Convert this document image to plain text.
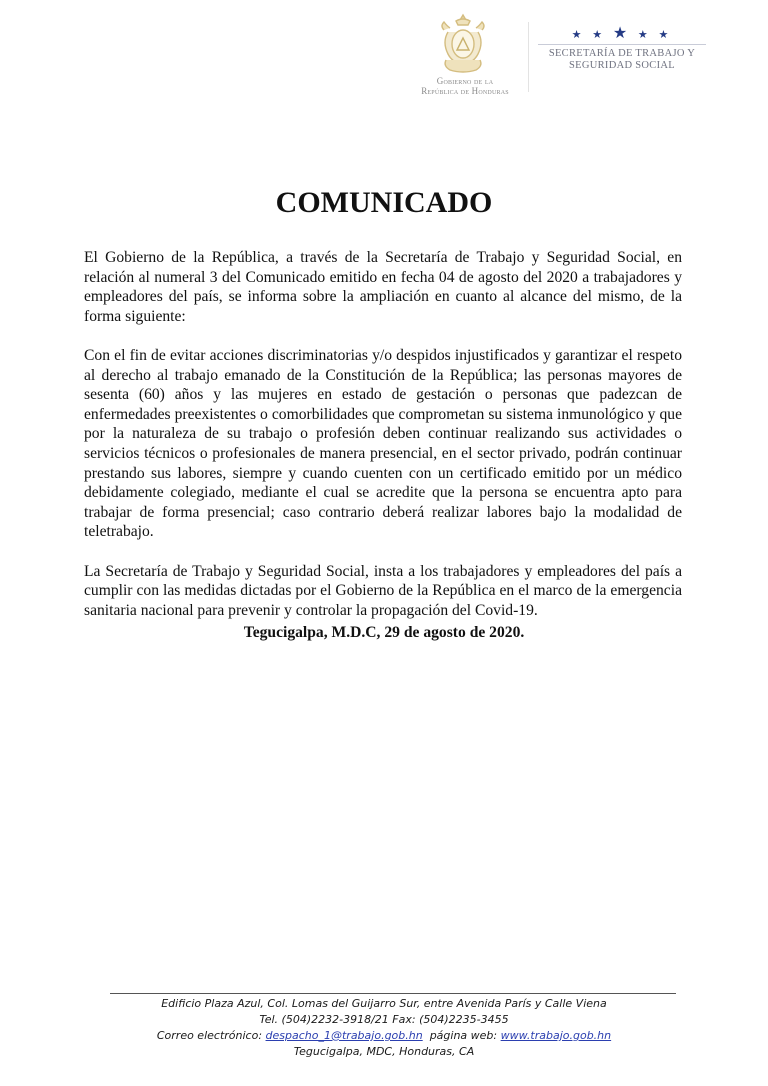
Gobierno de la
República de Honduras
★ ★ ★ ★ ★
SECRETARÍA DE TRABAJO Y
SEGURIDAD SOCIAL
COMUNICADO

El Gobierno de la República, a través de la Secretaría de Trabajo y Seguridad Social, en relación al numeral 3 del Comunicado emitido en fecha 04 de agosto del 2020 a trabajadores y empleadores del país, se informa sobre la ampliación en cuanto al alcance del mismo, de la forma siguiente:

Con el fin de evitar acciones discriminatorias y/o despidos injustificados y garantizar el respeto al derecho al trabajo emanado de la Constitución de la República; las personas mayores de sesenta (60) años y las mujeres en estado de gestación o personas que padezcan de enfermedades preexistentes o comorbilidades que comprometan su sistema inmunológico y que por la naturaleza de su trabajo o profesión deben continuar realizando sus actividades o servicios técnicos o profesionales de manera presencial, en el sector privado, podrán continuar prestando sus labores, siempre y cuando cuenten con un certificado emitido por un médico debidamente colegiado, mediante el cual se acredite que la persona se encuentra apto para trabajar de forma presencial; caso contrario deberá realizar labores bajo la modalidad de teletrabajo.

La Secretaría de Trabajo y Seguridad Social, insta a los trabajadores y empleadores del país a cumplir con las medidas dictadas por el Gobierno de la República en el marco de la emergencia sanitaria nacional para prevenir y controlar la propagación del Covid-19.

Tegucigalpa, M.D.C, 29 de agosto de 2020.
Edificio Plaza Azul, Col. Lomas del Guijarro Sur, entre Avenida París y Calle Viena
Tel. (504)2232-3918/21 Fax: (504)2235-3455
Correo electrónico: despacho_1@trabajo.gob.hn  página web: www.trabajo.gob.hn
Tegucigalpa, MDC, Honduras, CA
